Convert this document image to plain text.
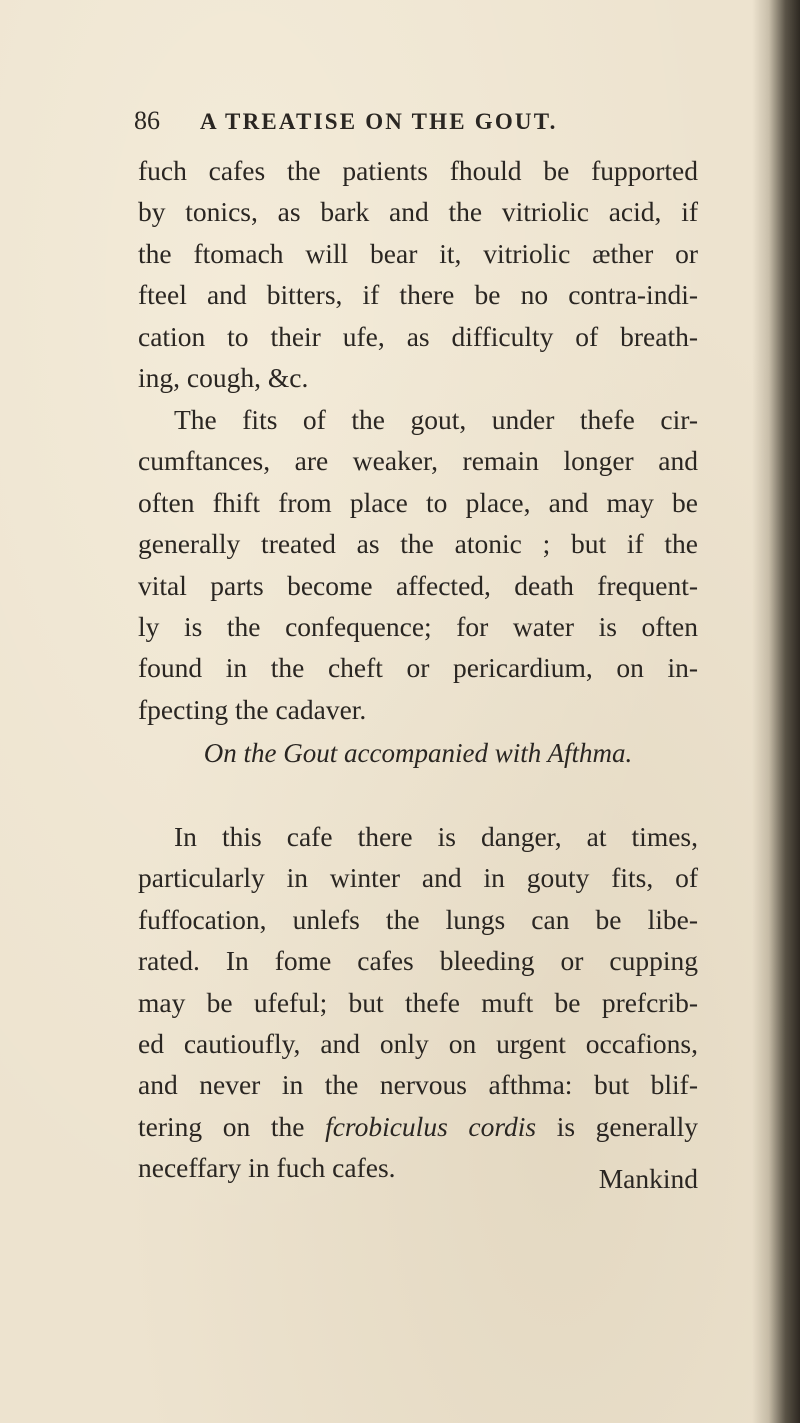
86 A TREATISE ON THE GOUT.
fuch cafes the patients fhould be fupported
by tonics, as bark and the vitriolic acid, if
the ftomach will bear it, vitriolic æther or
fteel and bitters, if there be no contra-indi-
cation to their ufe, as difficulty of breath-
ing, cough, &c.
The fits of the gout, under thefe cir-
cumftances, are weaker, remain longer and
often fhift from place to place, and may be
generally treated as the atonic ; but if the
vital parts become affected, death frequent-
ly is the confequence; for water is often
found in the cheft or pericardium, on in-
fpecting the cadaver.
On the Gout accompanied with Afthma.
In this cafe there is danger, at times,
particularly in winter and in gouty fits, of
fuffocation, unlefs the lungs can be libe-
rated. In fome cafes bleeding or cupping
may be ufeful; but thefe muft be prefcrib-
ed cautioufly, and only on urgent occafions,
and never in the nervous afthma: but blif-
tering on the fcrobiculus cordis is generally
neceffary in fuch cafes.	Mankind
